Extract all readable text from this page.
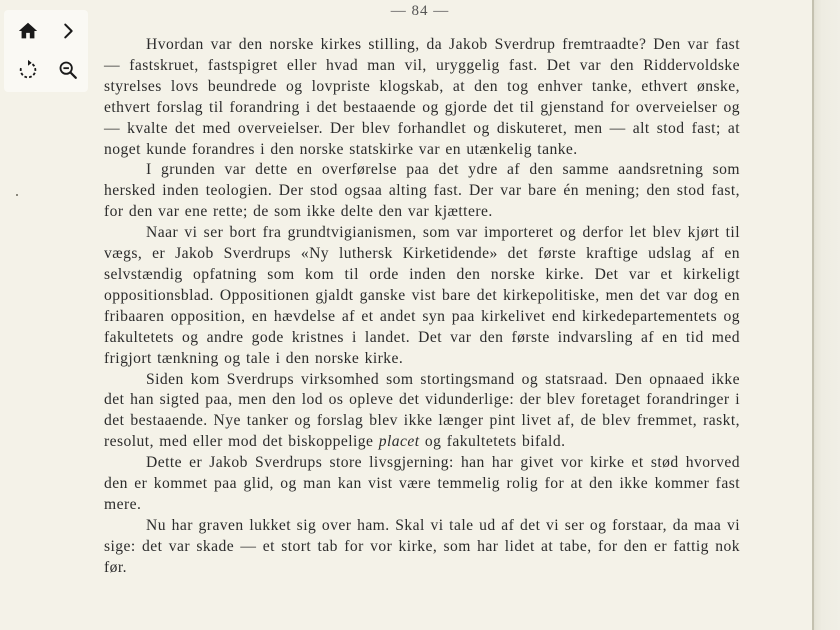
— 84 —

Hvordan var den norske kirkes stilling, da Jakob Sverdrup fremtraadte? Den var fast — fastskruet, fastspigret eller hvad man vil, uryggelig fast. Det var den Riddervoldske styrelses lovs beundrede og lovpriste klogskab, at den tog enhver tanke, ethvert ønske, ethvert forslag til forandring i det bestaaende og gjorde det til gjenstand for overveielser og — kvalte det med overveielser. Der blev forhandlet og diskuteret, men — alt stod fast; at noget kunde forandres i den norske statskirke var en utænkelig tanke.

I grunden var dette en overførelse paa det ydre af den samme aandsretning som hersked inden teologien. Der stod ogsaa alting fast. Der var bare én mening; den stod fast, for den var ene rette; de som ikke delte den var kjættere.

Naar vi ser bort fra grundtvigianismen, som var importeret og derfor let blev kjørt til vægs, er Jakob Sverdrups «Ny luthersk Kirketidende» det første kraftige udslag af en selvstændig opfatning som kom til orde inden den norske kirke. Det var et kirkeligt oppositionsblad. Oppositionen gjaldt ganske vist bare det kirkepolitiske, men det var dog en fribaaren opposition, en hævdelse af et andet syn paa kirkelivet end kirkedepartementets og fakultetets og andre gode kristnes i landet. Det var den første indvarsling af en tid med frigjort tænkning og tale i den norske kirke.

Siden kom Sverdrups virksomhed som stortingsmand og statsraad. Den opnaaed ikke det han sigted paa, men den lod os opleve det vidunderlige: der blev foretaget forandringer i det bestaaende. Nye tanker og forslag blev ikke længer pint livet af, de blev fremmet, raskt, resolut, med eller mod det biskoppelige placet og fakultetets bifald.

Dette er Jakob Sverdrups store livsgjerning: han har givet vor kirke et stød hvorved den er kommet paa glid, og man kan vist være temmelig rolig for at den ikke kommer fast mere.

Nu har graven lukket sig over ham. Skal vi tale ud af det vi ser og forstaar, da maa vi sige: det var skade — et stort tab for vor kirke, som har lidet at tabe, for den er fattig nok før.
